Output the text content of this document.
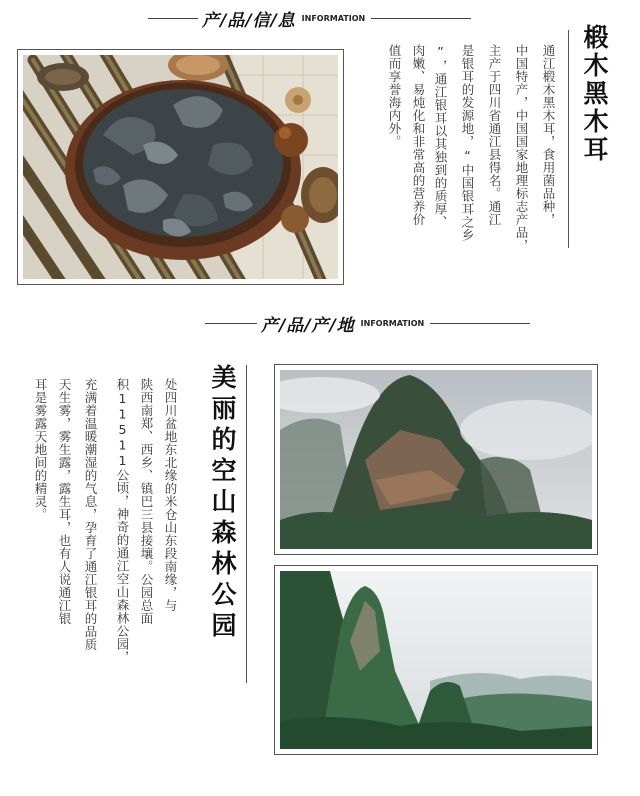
产/品/信/息 INFORMATION
通江椴木黑木耳，食用菌品种，
中国特产，中国国家地理标志产品，
主产于四川省通江县得名。通江
是银耳的发源地，“中国银耳之乡
”，通江银耳以其独到的质厚、
肉嫩、易炖化和非常高的营养价
值而享誉海内外。	椴木黑木耳
产/品/产/地 INFORMATION
处四川盆地东北缘的米仓山东段南缘，与
陕西南郑、西乡、镇巴三县接壤。公园总面
积11511公顷，神奇的通江空山森林公园，
充满着温暖潮湿的气息，孕育了通江银耳的品质
天生雾，雾生露，露生耳，也有人说通江银
耳是雾露天地间的精灵。	美丽的空山森林公园
